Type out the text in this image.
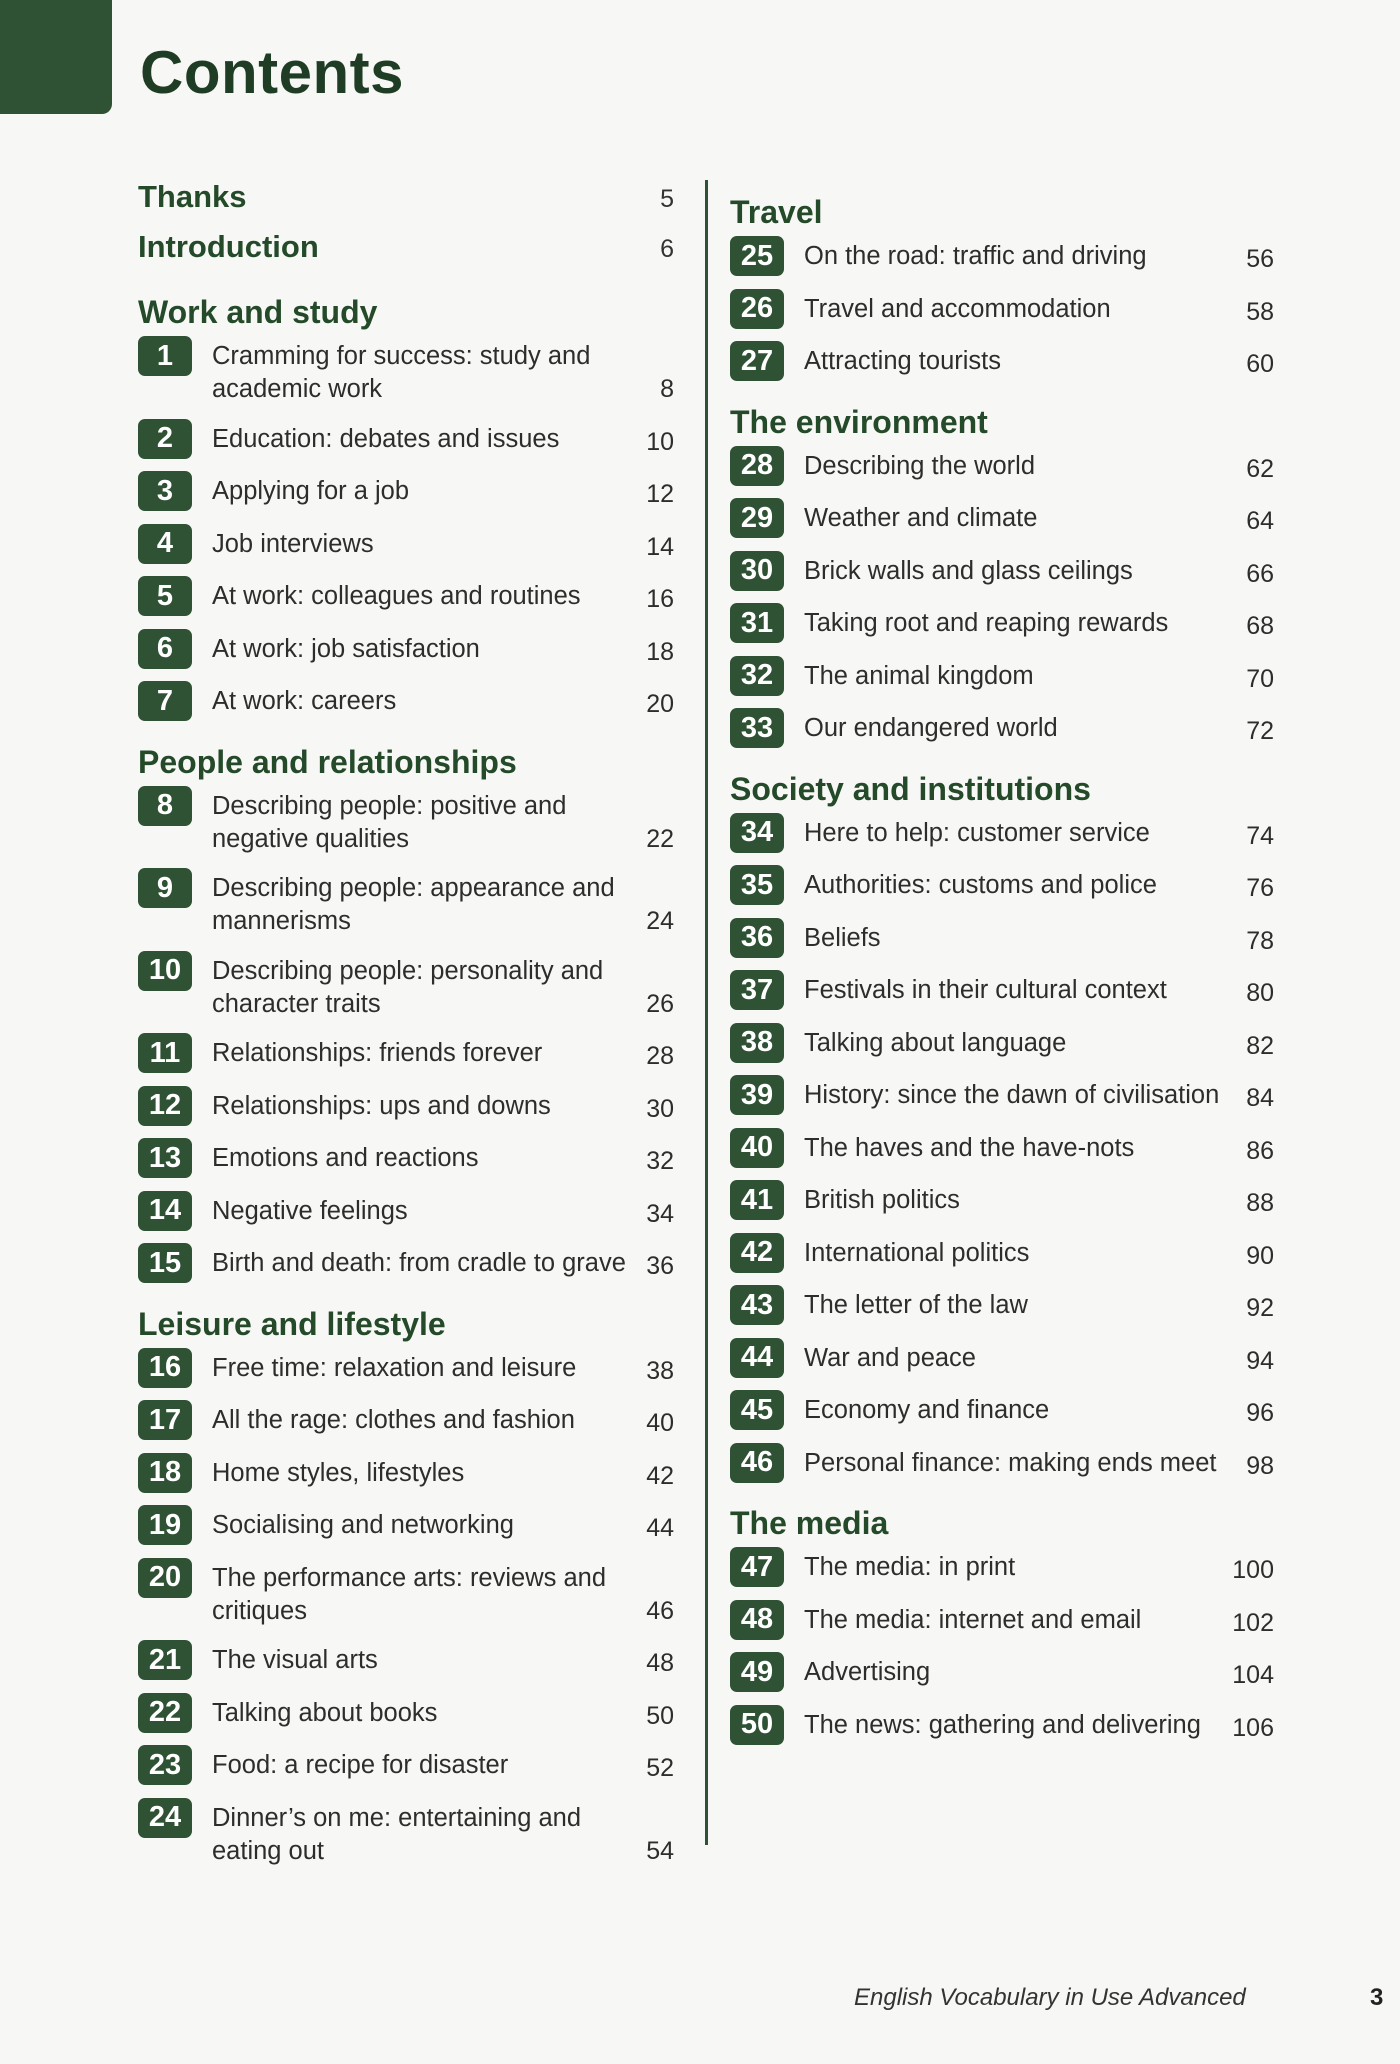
Contents
Thanks	5
Introduction	6
Work and study
1	Cramming for success: study and academic work	8
2	Education: debates and issues	10
3	Applying for a job	12
4	Job interviews	14
5	At work: colleagues and routines	16
6	At work: job satisfaction	18
7	At work: careers	20
People and relationships
8	Describing people: positive and negative qualities	22
9	Describing people: appearance and mannerisms	24
10	Describing people: personality and character traits	26
11	Relationships: friends forever	28
12	Relationships: ups and downs	30
13	Emotions and reactions	32
14	Negative feelings	34
15	Birth and death: from cradle to grave 36
Leisure and lifestyle
16	Free time: relaxation and leisure	38
17	All the rage: clothes and fashion	40
18	Home styles, lifestyles	42
19	Socialising and networking	44
20	The performance arts: reviews and critiques	46
21	The visual arts	48
22	Talking about books	50
23	Food: a recipe for disaster	52
24	Dinner’s on me: entertaining and eating out	54
Travel
25	On the road: traffic and driving	56
26	Travel and accommodation	58
27	Attracting tourists	60
The environment
28	Describing the world	62
29	Weather and climate	64
30	Brick walls and glass ceilings	66
31	Taking root and reaping rewards	68
32	The animal kingdom	70
33	Our endangered world	72
Society and institutions
34	Here to help: customer service	74
35	Authorities: customs and police	76
36	Beliefs	78
37	Festivals in their cultural context	80
38	Talking about language	82
39	History: since the dawn of civilisation	84
40	The haves and the have-nots	86
41	British politics	88
42	International politics	90
43	The letter of the law	92
44	War and peace	94
45	Economy and finance	96
46	Personal finance: making ends meet	98
The media
47	The media: in print	100
48	The media: internet and email	102
49	Advertising	104
50	The news: gathering and delivering	106
English Vocabulary in Use Advanced	3
